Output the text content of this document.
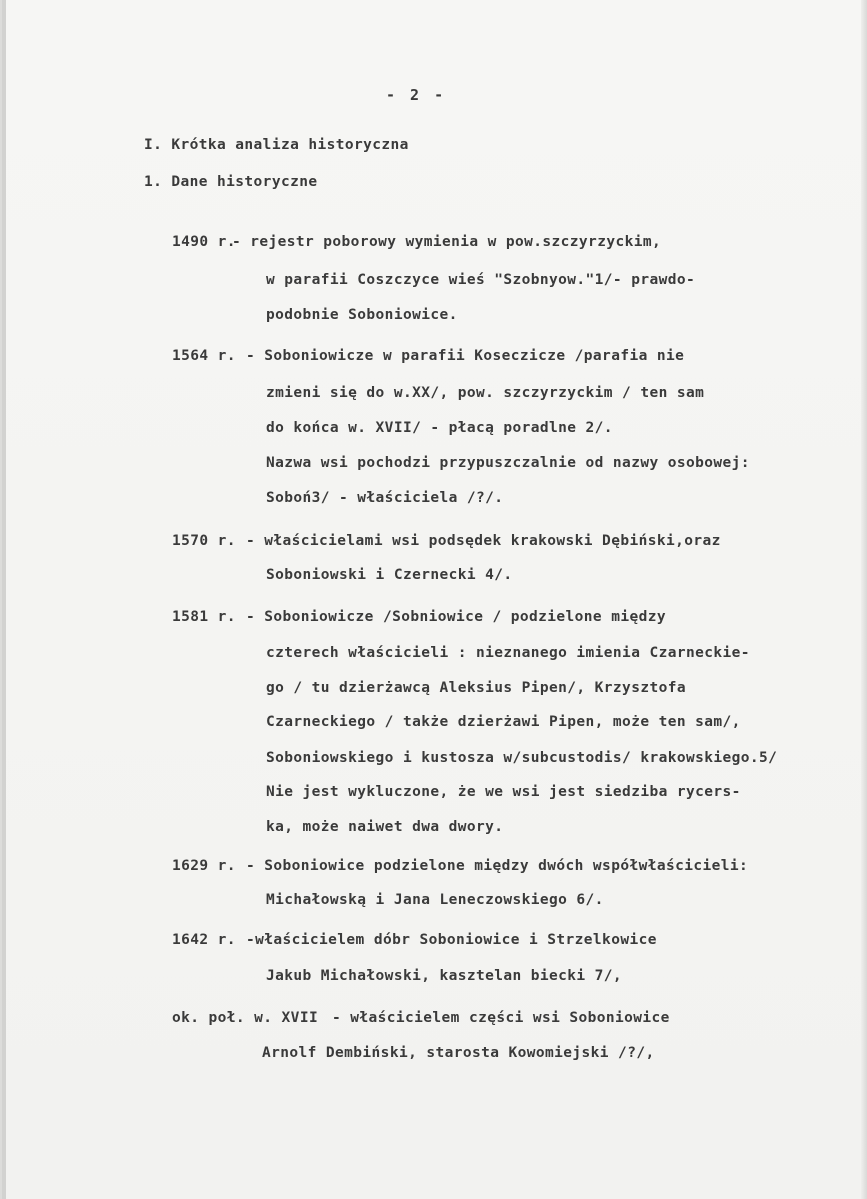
- 2 -
I. Krótka analiza historyczna
1. Dane historyczne
1490 r.
- rejestr poborowy wymienia w pow.szczyrzyckim,
w parafii Coszczyce wieś "Szobnyow."1/- prawdo-
podobnie Soboniowice.
1564 r. - Soboniowicze w parafii Koseczicze /parafia nie
zmieni się do w.XX/, pow. szczyrzyckim / ten sam
do końca w. XVII/ - płacą poradlne 2/.
Nazwa wsi pochodzi przypuszczalnie od nazwy osobowej:
Soboń3/ - właściciela /?/.
1570 r. - właścicielami wsi podsędek krakowski Dębiński,oraz
Soboniowski i Czernecki 4/.
1581 r. - Soboniowicze /Sobniowice / podzielone między
czterech właścicieli : nieznanego imienia Czarneckie-
go / tu dzierżawcą Aleksius Pipen/, Krzysztofa
Czarneckiego / także dzierżawi Pipen, może ten sam/,
Soboniowskiego i kustosza w/subcustodis/ krakowskiego.5/
Nie jest wykluczone, że we wsi jest siedziba rycers-
ka, może naiwet dwa dwory.
1629 r. - Soboniowice podzielone między dwóch współwłaścicieli:
Michałowską i Jana Leneczowskiego 6/.
1642 r. -właścicielem dóbr Soboniowice i Strzelkowice
Jakub Michałowski, kasztelan biecki 7/,
ok. poł. w. XVII - właścicielem części wsi Soboniowice
Arnolf Dembiński, starosta Kowomiejski /?/,
